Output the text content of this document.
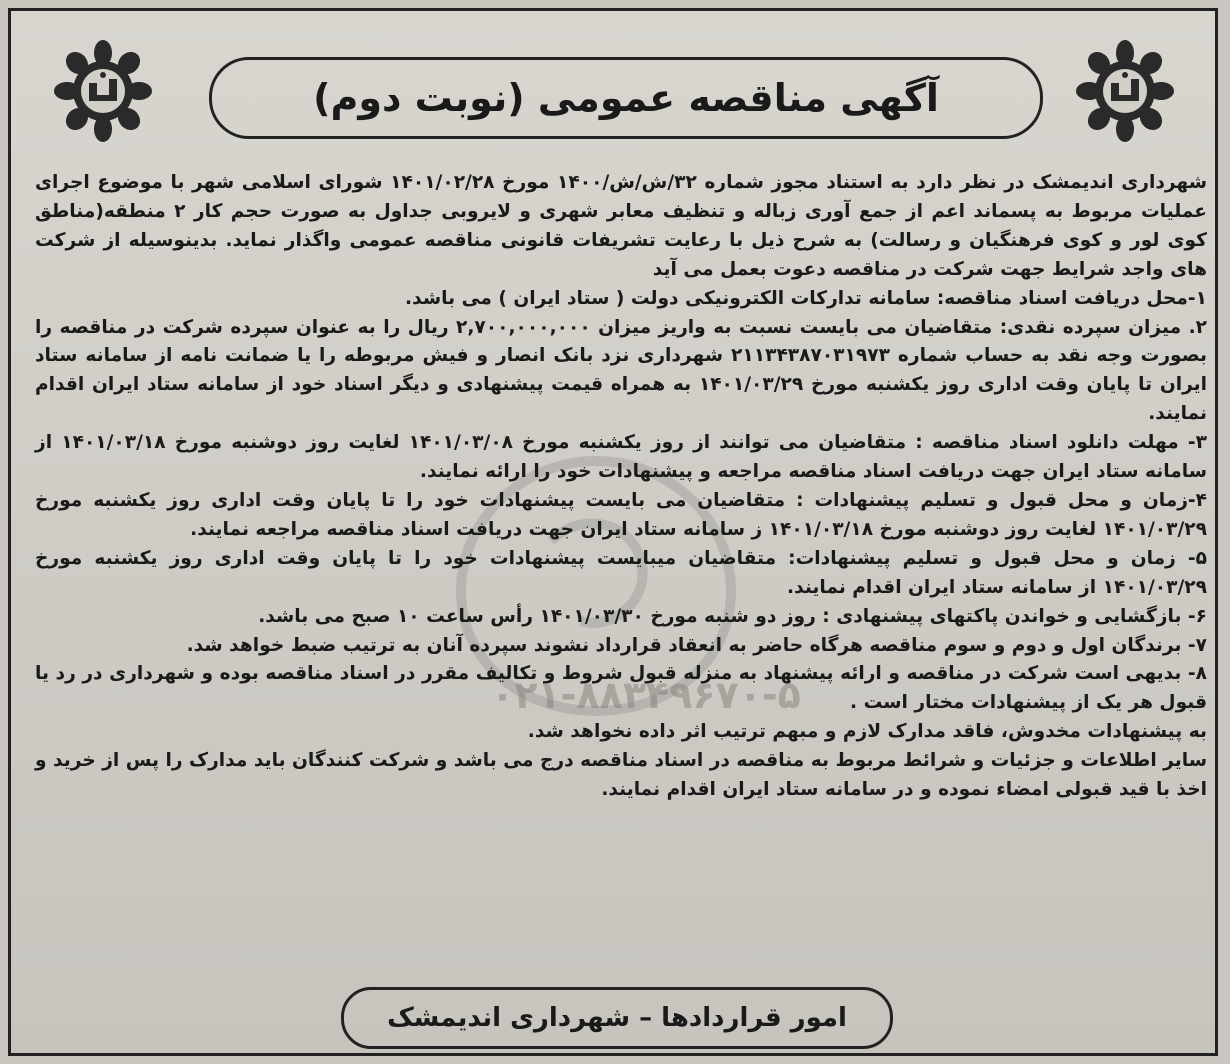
آگهی مناقصه عمومی (نوبت دوم)
۰۲۱-۸۸۳۴۹۶۷۰-۵

شهرداری اندیمشک در نظر دارد به استناد مجوز شماره ۳۲/ش/ش/۱۴۰۰ مورخ ۱۴۰۱/۰۲/۲۸ شورای اسلامی شهر با موضوع اجرای عملیات مربوط به پسماند اعم از جمع آوری زباله و تنظیف معابر شهری و لایروبی جداول به صورت حجم کار ۲ منطقه(مناطق کوی لور و کوی فرهنگیان و رسالت) به شرح ذیل با رعایت تشریفات قانونی مناقصه عمومی واگذار نماید. بدینوسیله از شرکت های واجد شرایط جهت شرکت در مناقصه دعوت بعمل می آید

۱-محل دریافت اسناد مناقصه: سامانه تدارکات الکترونیکی دولت ( ستاد ایران ) می باشد.

۲. میزان سپرده نقدی: متقاضیان می بایست نسبت به واریز میزان ۲,۷۰۰,۰۰۰,۰۰۰ ریال را به عنوان سپرده شرکت در مناقصه را بصورت وجه نقد به حساب شماره ۲۱۱۳۴۳۸۷۰۳۱۹۷۳ شهرداری نزد بانک انصار و فیش مربوطه را یا ضمانت نامه از سامانه ستاد ایران تا پایان وقت اداری روز یکشنبه مورخ ۱۴۰۱/۰۳/۲۹ به همراه قیمت پیشنهادی و دیگر اسناد خود از سامانه ستاد ایران اقدام نمایند.

۳- مهلت دانلود اسناد مناقصه : متقاضیان می توانند از روز یکشنبه مورخ ۱۴۰۱/۰۳/۰۸ لغایت روز دوشنبه مورخ ۱۴۰۱/۰۳/۱۸ از سامانه ستاد ایران جهت دریافت اسناد مناقصه مراجعه و پیشنهادات خود را ارائه نمایند.

۴-زمان و محل قبول و تسلیم پیشنهادات : متقاضیان می بایست پیشنهادات خود را تا پایان وقت اداری روز یکشنبه مورخ ۱۴۰۱/۰۳/۲۹ لغایت روز دوشنبه مورخ ۱۴۰۱/۰۳/۱۸ ز سامانه ستاد ایران جهت دریافت اسناد مناقصه مراجعه نمایند.

۵- زمان و محل قبول و تسلیم پیشنهادات: متقاضیان میبایست پیشنهادات خود را تا پایان وقت اداری روز یکشنبه مورخ ۱۴۰۱/۰۳/۲۹ از سامانه ستاد ایران اقدام نمایند.

۶- بازگشایی و خواندن پاکتهای پیشنهادی : روز دو شنبه مورخ ۱۴۰۱/۰۳/۳۰ رأس ساعت ۱۰ صبح می باشد.

۷- برندگان اول و دوم و سوم مناقصه هرگاه حاضر به انعقاد قرارداد نشوند سپرده آنان به ترتیب ضبط خواهد شد.

۸- بدیهی است شرکت در مناقصه و ارائه پیشنهاد به منزله قبول شروط و تکالیف مقرر در اسناد مناقصه بوده و شهرداری در رد یا قبول هر یک از پیشنهادات مختار است .

به پیشنهادات مخدوش، فاقد مدارک لازم و مبهم ترتیب اثر داده نخواهد شد.

سایر اطلاعات و جزئیات و شرائط مربوط به مناقصه در اسناد مناقصه درج می باشد و شرکت کنندگان باید مدارک را پس از خرید و اخذ با قید قبولی امضاء نموده و در سامانه ستاد ایران اقدام نمایند.

امور قراردادها – شهرداری اندیمشک
